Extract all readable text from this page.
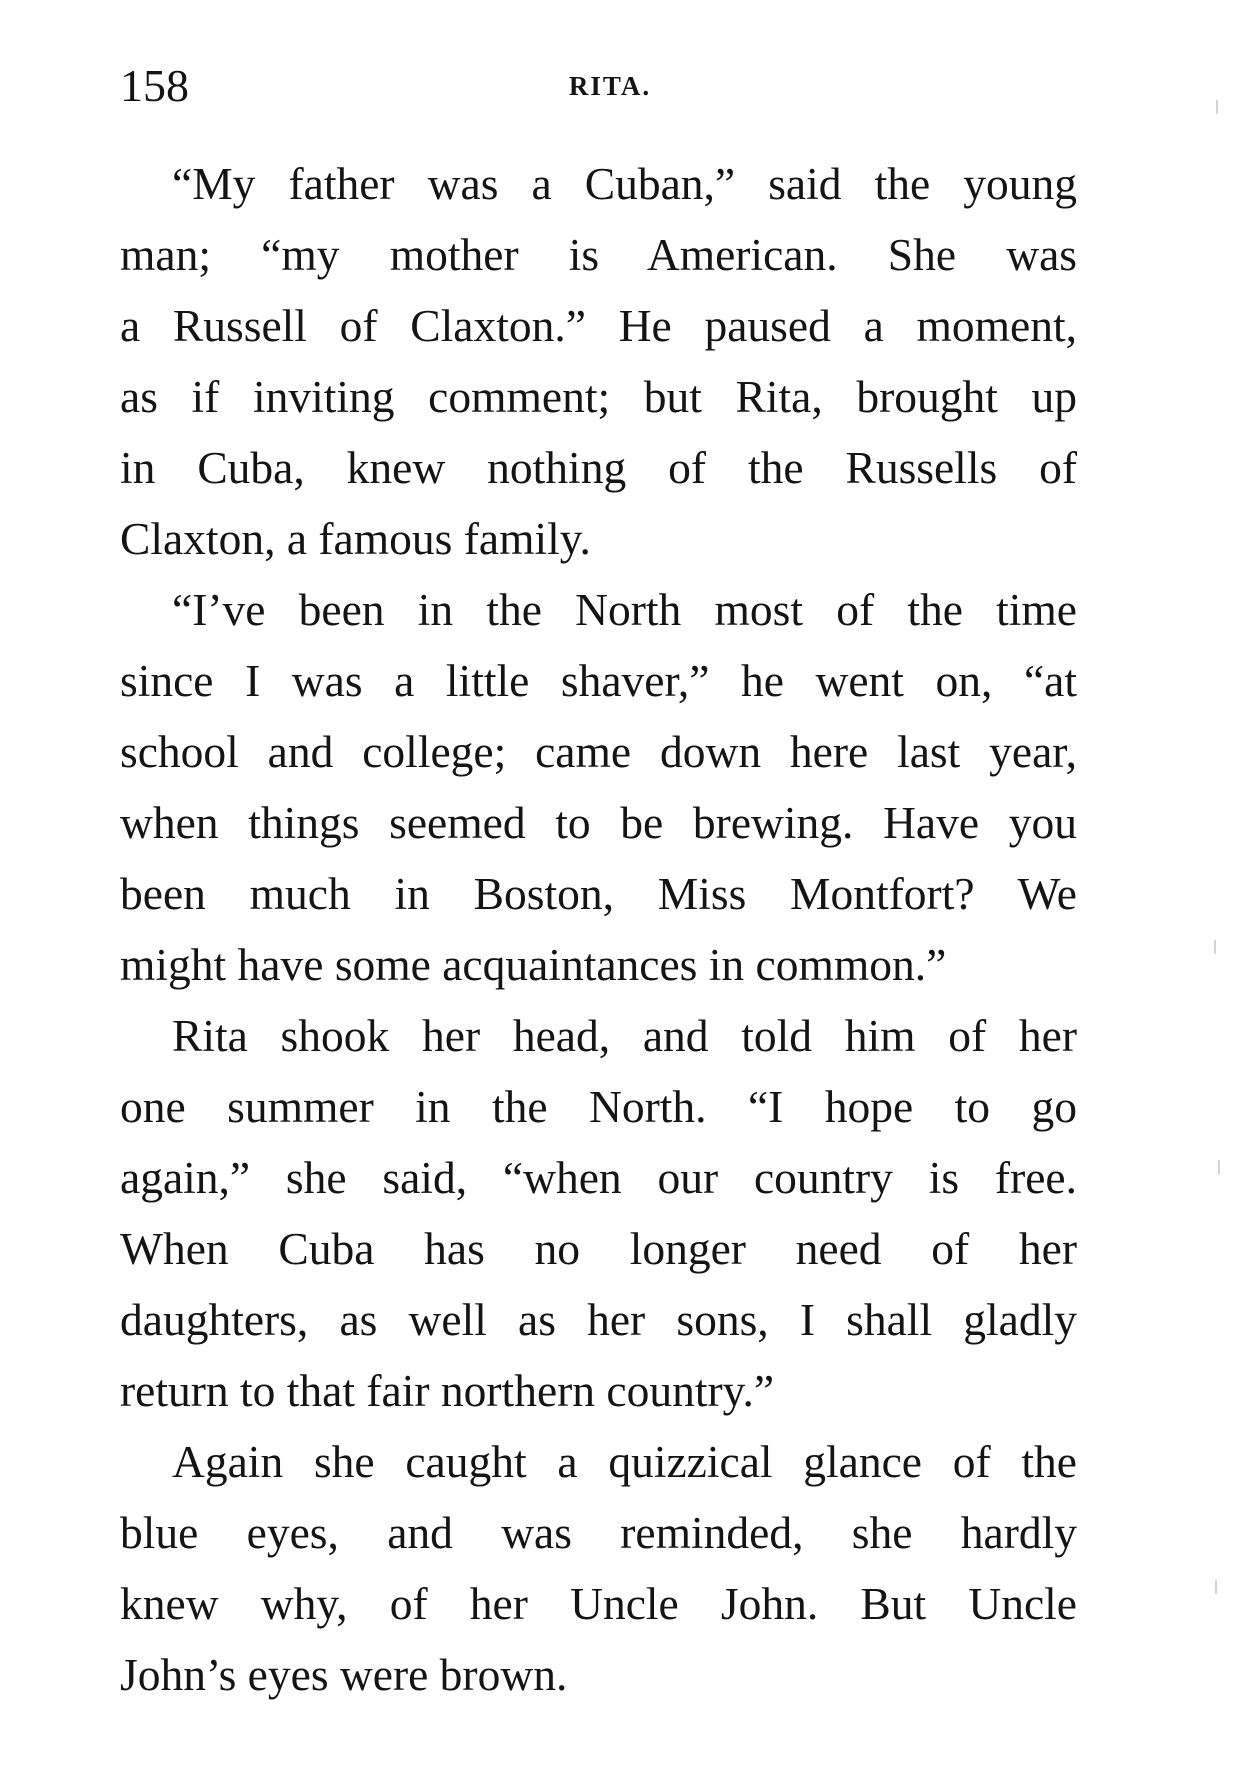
158	RITA.
“My father was a Cuban,” said the young
man; “my mother is American. She was
a Russell of Claxton.” He paused a moment,
as if inviting comment; but Rita, brought up
in Cuba, knew nothing of the Russells of
Claxton, a famous family.
“I’ve been in the North most of the time
since I was a little shaver,” he went on, “at
school and college; came down here last year,
when things seemed to be brewing. Have you
been much in Boston, Miss Montfort? We
might have some acquaintances in common.”
Rita shook her head, and told him of her
one summer in the North. “I hope to go
again,” she said, “when our country is free.
When Cuba has no longer need of her
daughters, as well as her sons, I shall gladly
return to that fair northern country.”
Again she caught a quizzical glance of the
blue eyes, and was reminded, she hardly
knew why, of her Uncle John. But Uncle
John’s eyes were brown.
